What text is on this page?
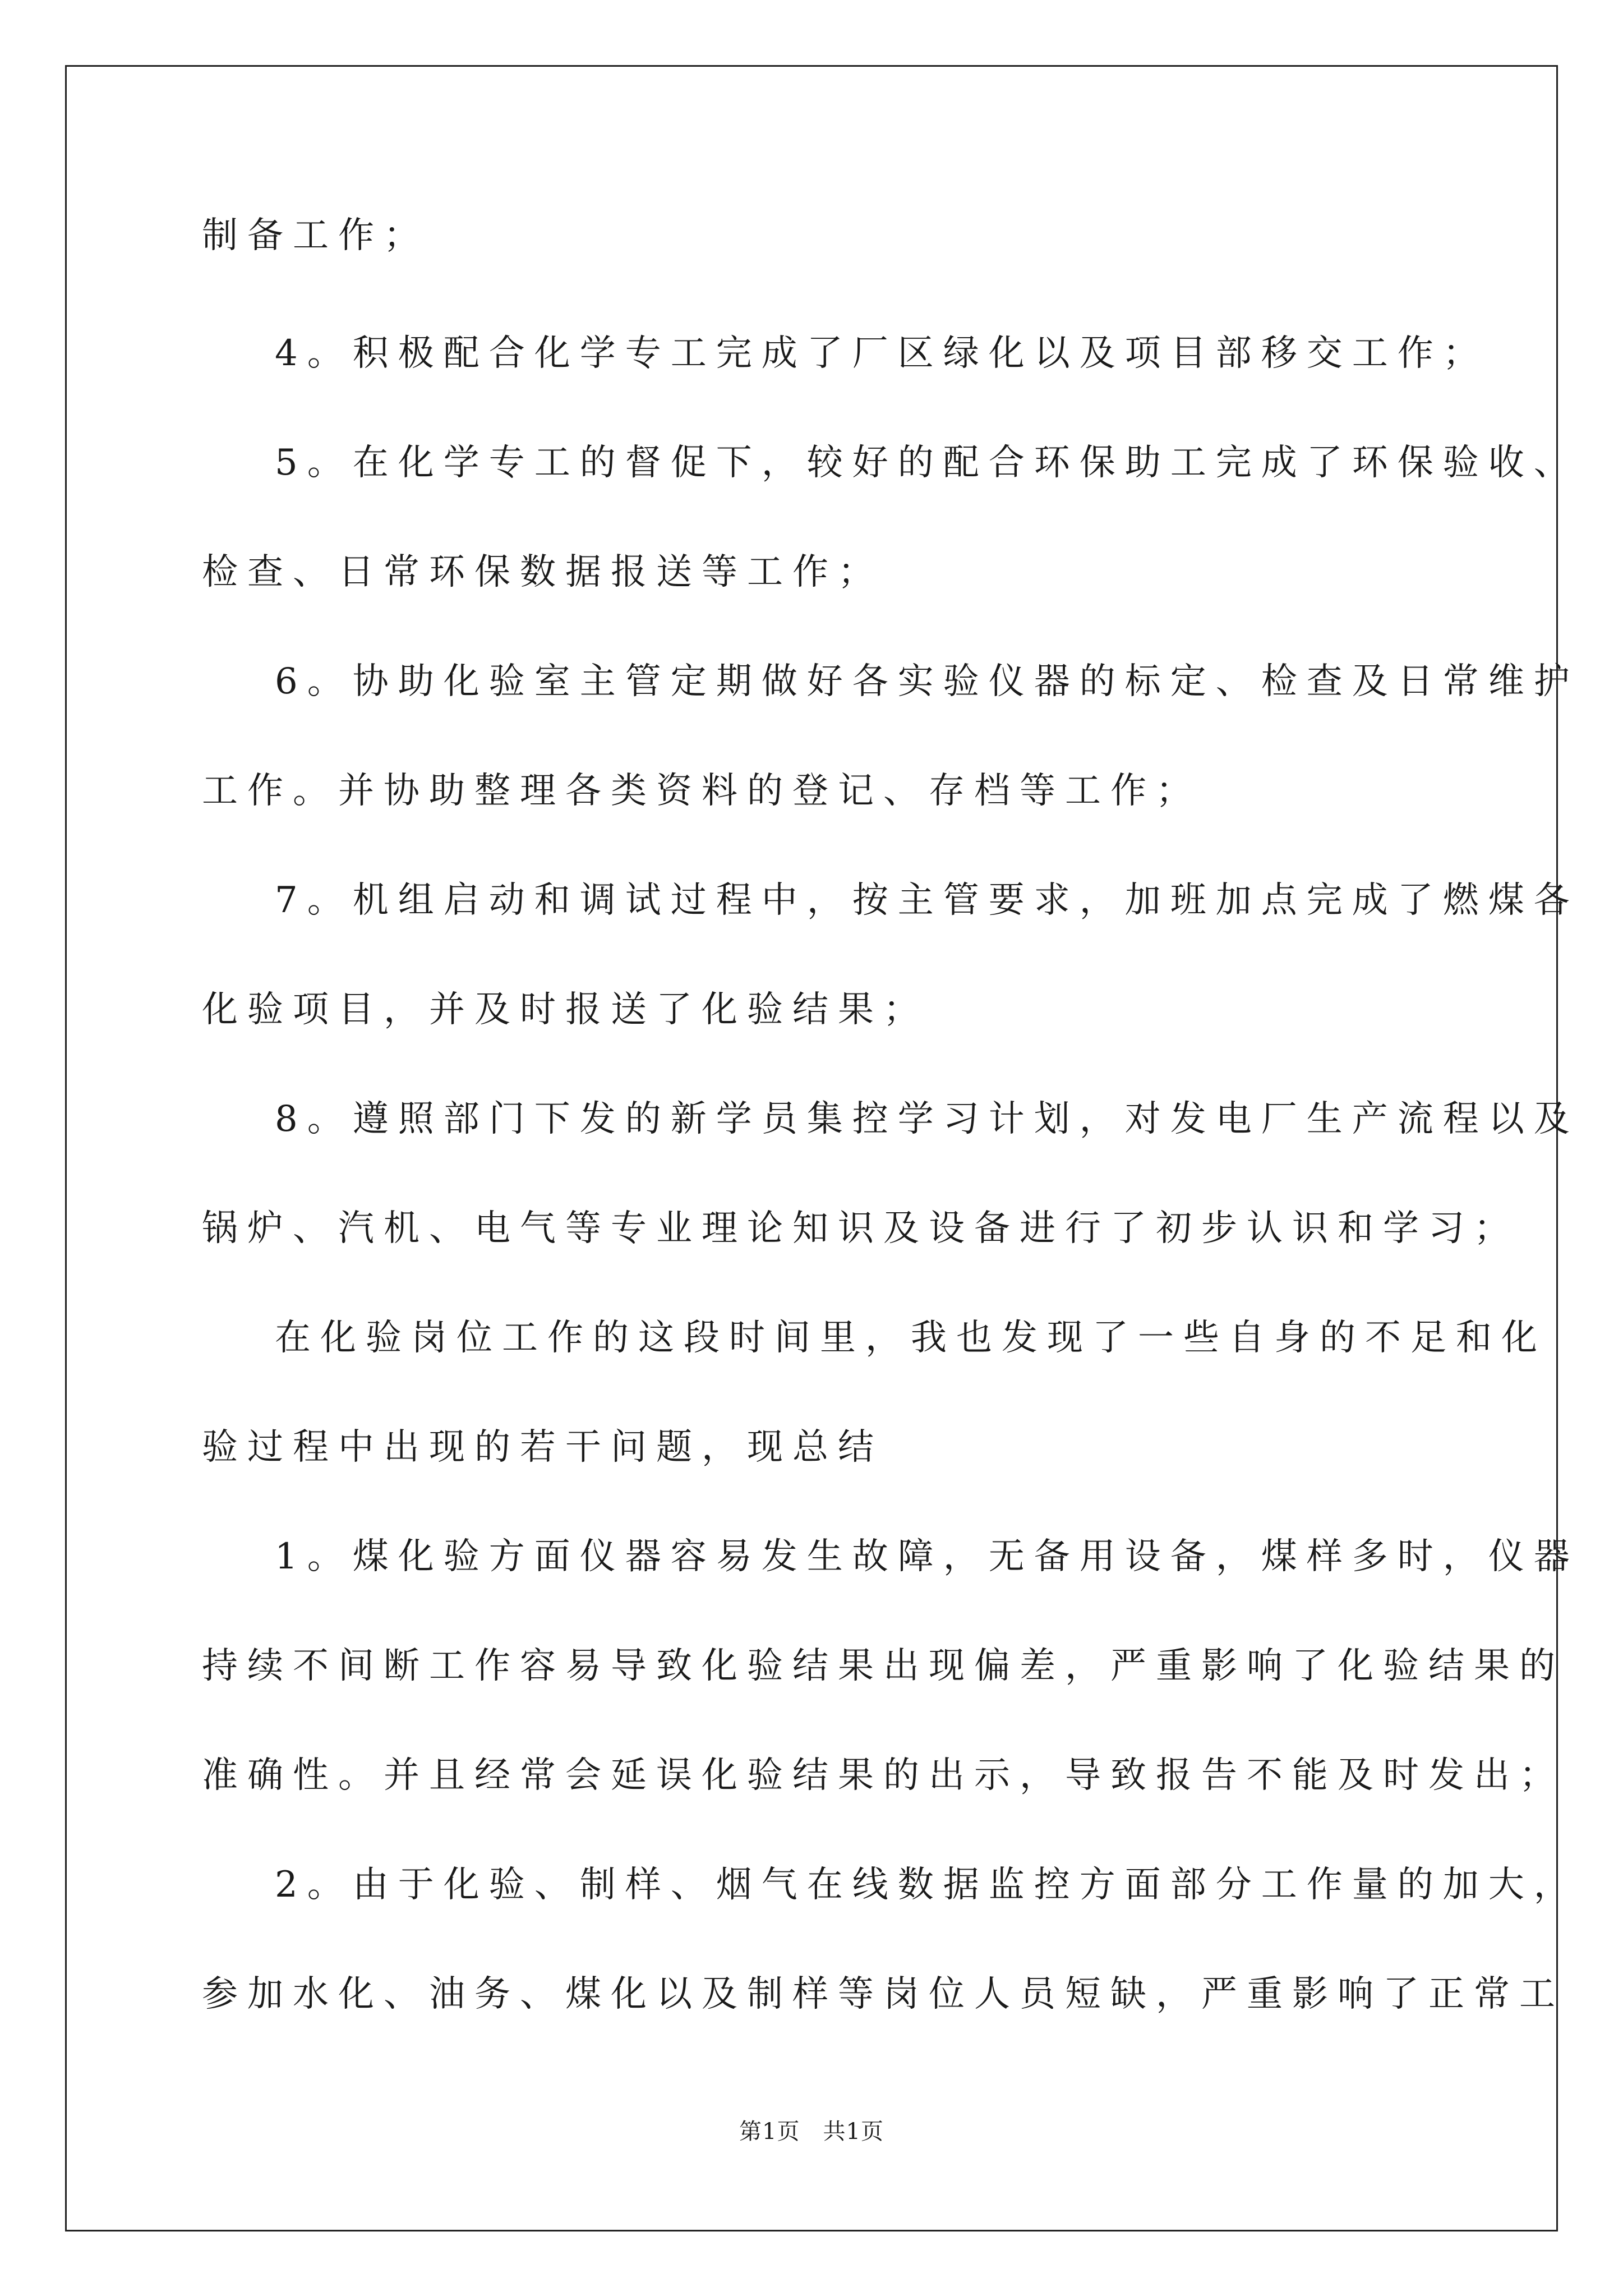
制备工作；
4。积极配合化学专工完成了厂区绿化以及项目部移交工作；
5。在化学专工的督促下，较好的配合环保助工完成了环保验收、
检查、日常环保数据报送等工作；
6。协助化验室主管定期做好各实验仪器的标定、检查及日常维护
工作。并协助整理各类资料的登记、存档等工作；
7。机组启动和调试过程中，按主管要求，加班加点完成了燃煤各
化验项目，并及时报送了化验结果；
8。遵照部门下发的新学员集控学习计划，对发电厂生产流程以及
锅炉、汽机、电气等专业理论知识及设备进行了初步认识和学习；
在化验岗位工作的这段时间里，我也发现了一些自身的不足和化
验过程中出现的若干问题，现总结
1。煤化验方面仪器容易发生故障，无备用设备，煤样多时，仪器
持续不间断工作容易导致化验结果出现偏差，严重影响了化验结果的
准确性。并且经常会延误化验结果的出示，导致报告不能及时发出；
2。由于化验、制样、烟气在线数据监控方面部分工作量的加大，
参加水化、油务、煤化以及制样等岗位人员短缺，严重影响了正常工
第1页　共1页
